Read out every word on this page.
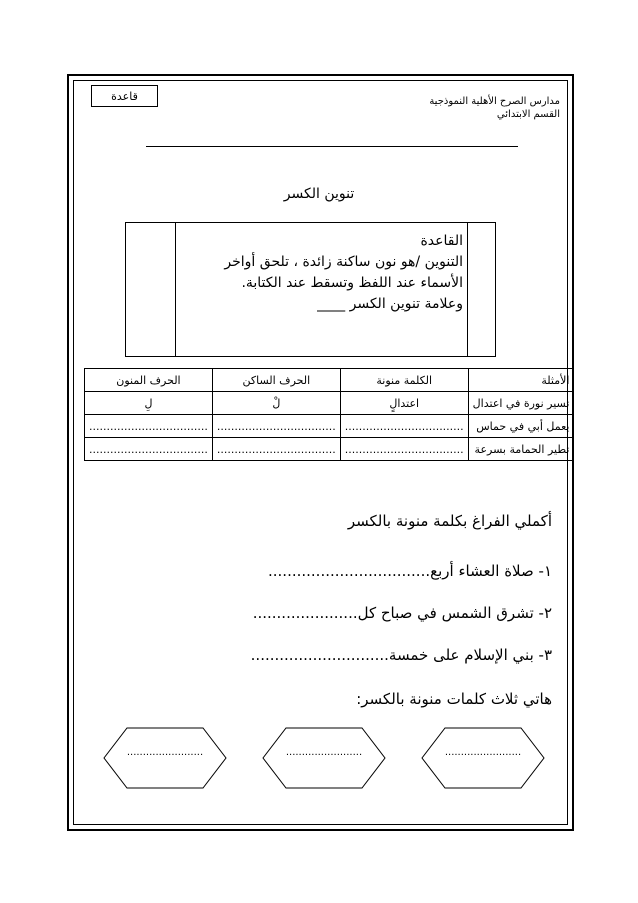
قاعدة	مدارس الصرح الأهلية النموذجية
القسم الابتدائي
تنوين الكسر
القاعدة
التنوين /هو نون ساكنة زائدة ، تلحق أواخر
الأسماء عند اللفظ وتسقط عند الكتابة.
وعلامة تنوين الكسر ____
الأمثلة	الكلمة منونة	الحرف الساكن	الحرف المنون
تسير نورة في اعتدال	اعتدالٍ	لْ	لِ
يعمل أبي في حماس	..................................	..................................	..................................
تطير الحمامة بسرعة	..................................	..................................	..................................
أكملي الفراغ بكلمة منونة بالكسر
١- صلاة العشاء أربع..................................
٢- تشرق الشمس في صباح كل......................
٣- بني الإسلام على خمسة.............................
هاتي ثلاث كلمات منونة بالكسر:
........................	........................	........................
